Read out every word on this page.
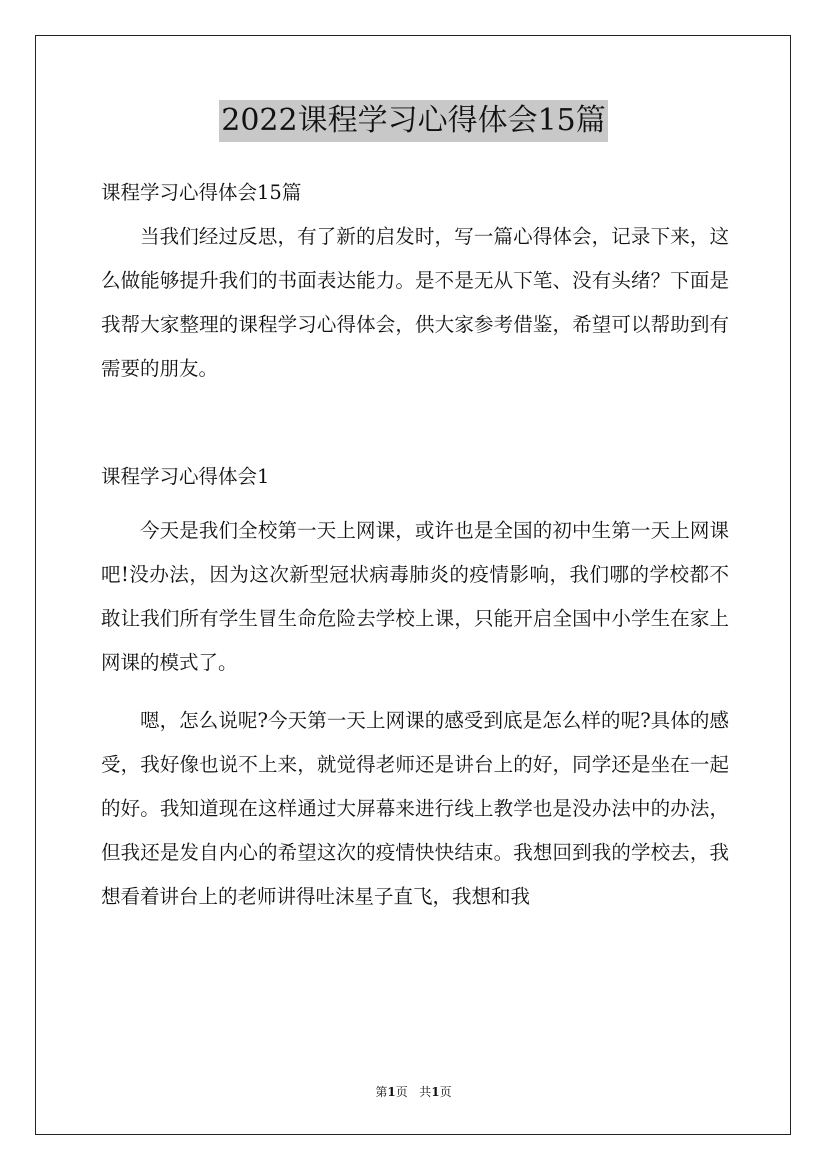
2022课程学习心得体会15篇

课程学习心得体会15篇

当我们经过反思，有了新的启发时，写一篇心得体会，记录下来，这么做能够提升我们的书面表达能力。是不是无从下笔、没有头绪？下面是我帮大家整理的课程学习心得体会，供大家参考借鉴，希望可以帮助到有需要的朋友。

课程学习心得体会1

今天是我们全校第一天上网课，或许也是全国的初中生第一天上网课吧!没办法，因为这次新型冠状病毒肺炎的疫情影响，我们哪的学校都不敢让我们所有学生冒生命危险去学校上课，只能开启全国中小学生在家上网课的模式了。

嗯，怎么说呢?今天第一天上网课的感受到底是怎么样的呢?具体的感受，我好像也说不上来，就觉得老师还是讲台上的好，同学还是坐在一起的好。我知道现在这样通过大屏幕来进行线上教学也是没办法中的办法，但我还是发自内心的希望这次的疫情快快结束。我想回到我的学校去，我想看着讲台上的老师讲得吐沫星子直飞，我想和我

第1页 共1页
